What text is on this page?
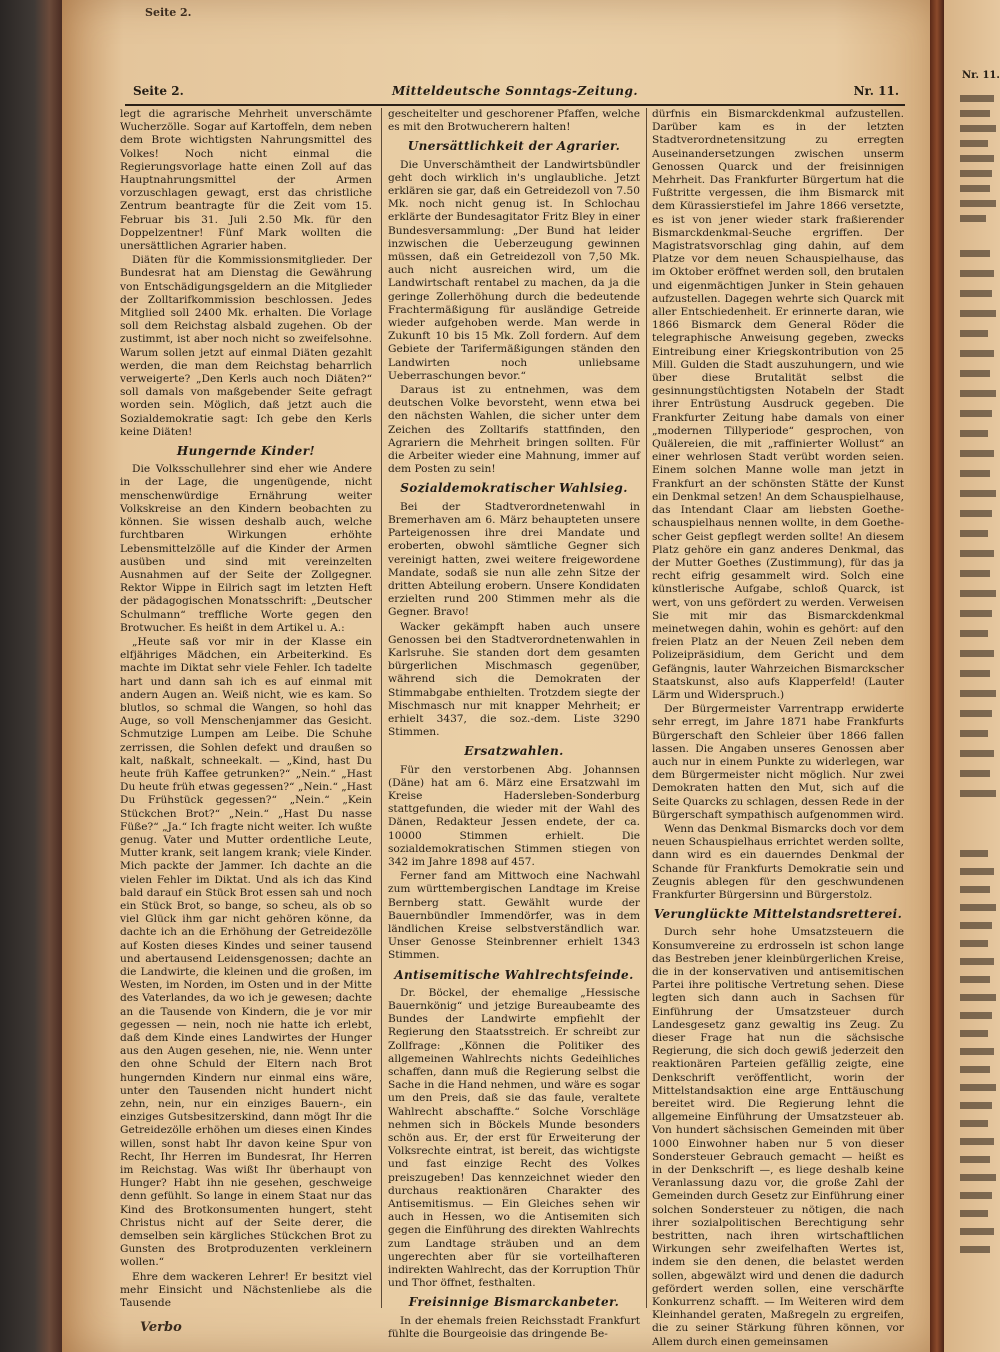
Nr. 11.
Seite 2.
Seite 2.	Mitteldeutsche Sonntags-Zeitung.	Nr. 11.

legt die agrarische Mehrheit unverschämte Wucherzölle. Sogar auf Kartoffeln, dem neben dem Brote wichtigsten Nahrungsmittel des Volkes! Noch nicht einmal die Regierungsvorlage hatte einen Zoll auf das Hauptnahrungsmittel der Armen vorzuschlagen gewagt, erst das christliche Zentrum beantragte für die Zeit vom 15. Februar bis 31. Juli 2.50 Mk. für den Doppelzentner! Fünf Mark wollten die unersättlichen Agrarier haben.

Diäten für die Kommissionsmitglieder. Der Bundesrat hat am Dienstag die Gewährung von Entschädigungsgeldern an die Mitglieder der Zolltarifkommission beschlossen. Jedes Mitglied soll 2400 Mk. erhalten. Die Vorlage soll dem Reichstag alsbald zugehen. Ob der zustimmt, ist aber noch nicht so zweifelsohne. Warum sollen jetzt auf einmal Diäten gezahlt werden, die man dem Reichstag beharrlich verweigerte? „Den Kerls auch noch Diäten?“ soll damals von maßgebender Seite gefragt worden sein. Möglich, daß jetzt auch die Sozialdemokratie sagt: Ich gebe den Kerls keine Diäten!

Hungernde Kinder!

Die Volksschullehrer sind eher wie Andere in der Lage, die ungenügende, nicht menschenwürdige Ernährung weiter Volkskreise an den Kindern beobachten zu können. Sie wissen deshalb auch, welche furchtbaren Wirkungen erhöhte Lebensmittelzölle auf die Kinder der Armen ausüben und sind mit vereinzelten Ausnahmen auf der Seite der Zollgegner. Rektor Wippe in Eilrich sagt im letzten Heft der pädagogischen Monatsschrift: „Deutscher Schulmann“ treffliche Worte gegen den Brotwucher. Es heißt in dem Artikel u. A.:

„Heute saß vor mir in der Klasse ein elfjähriges Mädchen, ein Arbeiterkind. Es machte im Diktat sehr viele Fehler. Ich tadelte hart und dann sah ich es auf einmal mit andern Augen an. Weiß nicht, wie es kam. So blutlos, so schmal die Wangen, so hohl das Auge, so voll Menschenjammer das Gesicht. Schmutzige Lumpen am Leibe. Die Schuhe zerrissen, die Sohlen defekt und draußen so kalt, naßkalt, schneekalt. — „Kind, hast Du heute früh Kaffee getrunken?“ „Nein.“ „Hast Du heute früh etwas gegessen?“ „Nein.“ „Hast Du Frühstück gegessen?“ „Nein.“ „Kein Stückchen Brot?“ „Nein.“ „Hast Du nasse Füße?“ „Ja.“ Ich fragte nicht weiter. Ich wußte genug. Vater und Mutter ordentliche Leute, Mutter krank, seit langem krank; viele Kinder. Mich packte der Jammer. Ich dachte an die vielen Fehler im Diktat. Und als ich das Kind bald darauf ein Stück Brot essen sah und noch ein Stück Brot, so bange, so scheu, als ob so viel Glück ihm gar nicht gehören könne, da dachte ich an die Erhöhung der Getreidezölle auf Kosten dieses Kindes und seiner tausend und abertausend Leidensgenossen; dachte an die Landwirte, die kleinen und die großen, im Westen, im Norden, im Osten und in der Mitte des Vaterlandes, da wo ich je gewesen; dachte an die Tausende von Kindern, die je vor mir gegessen — nein, noch nie hatte ich erlebt, daß dem Kinde eines Landwirtes der Hunger aus den Augen gesehen, nie, nie. Wenn unter den ohne Schuld der Eltern nach Brot hungernden Kindern nur einmal eins wäre, unter den Tausenden nicht hundert nicht zehn, nein, nur ein einziges Bauern-, ein einziges Gutsbesitzerskind, dann mögt Ihr die Getreidezölle erhöhen um dieses einen Kindes willen, sonst habt Ihr davon keine Spur von Recht, Ihr Herren im Bundesrat, Ihr Herren im Reichstag. Was wißt Ihr überhaupt von Hunger? Habt ihn nie gesehen, geschweige denn gefühlt. So lange in einem Staat nur das Kind des Brotkonsumenten hungert, steht Christus nicht auf der Seite derer, die demselben sein kärgliches Stückchen Brot zu Gunsten des Brotproduzenten verkleinern wollen.“

Ehre dem wackeren Lehrer! Er besitzt viel mehr Einsicht und Nächstenliebe als die Tausende

gescheitelter und geschorener Pfaffen, welche es mit den Brotwucherern halten!

Unersättlichkeit der Agrarier.

Die Unverschämtheit der Landwirtsbündler geht doch wirklich in's unglaubliche. Jetzt erklären sie gar, daß ein Getreidezoll von 7.50 Mk. noch nicht genug ist. In Schlochau erklärte der Bundesagitator Fritz Bley in einer Bundesversammlung: „Der Bund hat leider inzwischen die Ueberzeugung gewinnen müssen, daß ein Getreidezoll von 7,50 Mk. auch nicht ausreichen wird, um die Landwirtschaft rentabel zu machen, da ja die geringe Zollerhöhung durch die bedeutende Frachtermäßigung für ausländige Getreide wieder aufgehoben werde. Man werde in Zukunft 10 bis 15 Mk. Zoll fordern. Auf dem Gebiete der Tarifermäßigungen ständen den Landwirten noch unliebsame Ueberraschungen bevor.“

Daraus ist zu entnehmen, was dem deutschen Volke bevorsteht, wenn etwa bei den nächsten Wahlen, die sicher unter dem Zeichen des Zolltarifs stattfinden, den Agrariern die Mehrheit bringen sollten. Für die Arbeiter wieder eine Mahnung, immer auf dem Posten zu sein!

Sozialdemokratischer Wahlsieg.

Bei der Stadtverordnetenwahl in Bremerhaven am 6. März behaupteten unsere Parteigenossen ihre drei Mandate und eroberten, obwohl sämtliche Gegner sich vereinigt hatten, zwei weitere freigewordene Mandate, sodaß sie nun alle zehn Sitze der dritten Abteilung erobern. Unsere Kondidaten erzielten rund 200 Stimmen mehr als die Gegner. Bravo!

Wacker gekämpft haben auch unsere Genossen bei den Stadtverordnetenwahlen in Karlsruhe. Sie standen dort dem gesamten bürgerlichen Mischmasch gegenüber, während sich die Demokraten der Stimmabgabe enthielten. Trotzdem siegte der Mischmasch nur mit knapper Mehrheit; er erhielt 3437, die soz.-dem. Liste 3290 Stimmen.

Ersatzwahlen.

Für den verstorbenen Abg. Johannsen (Däne) hat am 6. März eine Ersatzwahl im Kreise Hadersleben-Sonderburg stattgefunden, die wieder mit der Wahl des Dänen, Redakteur Jessen endete, der ca. 10000 Stimmen erhielt. Die sozialdemokratischen Stimmen stiegen von 342 im Jahre 1898 auf 457.

Ferner fand am Mittwoch eine Nachwahl zum württembergischen Landtage im Kreise Bernberg statt. Gewählt wurde der Bauernbündler Immendörfer, was in dem ländlichen Kreise selbstverständlich war. Unser Genosse Steinbrenner erhielt 1343 Stimmen.

Antisemitische Wahlrechtsfeinde.

Dr. Böckel, der ehemalige „Hessische Bauernkönig“ und jetzige Bureaubeamte des Bundes der Landwirte empfiehlt der Regierung den Staatsstreich. Er schreibt zur Zollfrage: „Können die Politiker des allgemeinen Wahlrechts nichts Gedeihliches schaffen, dann muß die Regierung selbst die Sache in die Hand nehmen, und wäre es sogar um den Preis, daß sie das faule, veraltete Wahlrecht abschaffte.“ Solche Vorschläge nehmen sich in Böckels Munde besonders schön aus. Er, der erst für Erweiterung der Volksrechte eintrat, ist bereit, das wichtigste und fast einzige Recht des Volkes preiszugeben! Das kennzeichnet wieder den durchaus reaktionären Charakter des Antisemitismus. — Ein Gleiches sehen wir auch in Hessen, wo die Antisemiten sich gegen die Einführung des direkten Wahlrechts zum Landtage sträuben und an dem ungerechten aber für sie vorteilhafteren indirekten Wahlrecht, das der Korruption Thür und Thor öffnet, festhalten.

Freisinnige Bismarckanbeter.

In der ehemals freien Reichsstadt Frankfurt fühlte die Bourgeoisie das dringende Be-

dürfnis ein Bismarckdenkmal aufzustellen. Darüber kam es in der letzten Stadtverordnetensitzung zu erregten Auseinandersetzungen zwischen unserm Genossen Quarck und der freisinnigen Mehrheit. Das Frankfurter Bürgertum hat die Fußtritte vergessen, die ihm Bismarck mit dem Kürassierstiefel im Jahre 1866 versetzte, es ist von jener wieder stark fraßierender Bismarckdenkmal-Seuche ergriffen. Der Magistratsvorschlag ging dahin, auf dem Platze vor dem neuen Schauspielhause, das im Oktober eröffnet werden soll, den brutalen und eigenmächtigen Junker in Stein gehauen aufzustellen. Dagegen wehrte sich Quarck mit aller Entschiedenheit. Er erinnerte daran, wie 1866 Bismarck dem General Röder die telegraphische Anweisung gegeben, zwecks Eintreibung einer Kriegskontribution von 25 Mill. Gulden die Stadt auszuhungern, und wie über diese Brutalität selbst die gesinnungstüchtigsten Notabeln der Stadt ihrer Entrüstung Ausdruck gegeben. Die Frankfurter Zeitung habe damals von einer „modernen Tillyperiode“ gesprochen, von Quälereien, die mit „raffinierter Wollust“ an einer wehrlosen Stadt verübt worden seien. Einem solchen Manne wolle man jetzt in Frankfurt an der schönsten Stätte der Kunst ein Denkmal setzen! An dem Schauspielhause, das Intendant Claar am liebsten Goetheschauspielhaus nennen wollte, in dem Goethescher Geist gepflegt werden sollte! An diesem Platz gehöre ein ganz anderes Denkmal, das der Mutter Goethes (Zustimmung), für das ja recht eifrig gesammelt wird. Solch eine künstlerische Aufgabe, schloß Quarck, ist wert, von uns gefördert zu werden. Verweisen Sie mit mir das Bismarckdenkmal meinetwegen dahin, wohin es gehört: auf den freien Platz an der Neuen Zeil neben dem Polizeipräsidium, dem Gericht und dem Gefängnis, lauter Wahrzeichen Bismarckscher Staatskunst, also aufs Klapperfeld! (Lauter Lärm und Widerspruch.)

Der Bürgermeister Varrentrapp erwiderte sehr erregt, im Jahre 1871 habe Frankfurts Bürgerschaft den Schleier über 1866 fallen lassen. Die Angaben unseres Genossen aber auch nur in einem Punkte zu widerlegen, war dem Bürgermeister nicht möglich. Nur zwei Demokraten hatten den Mut, sich auf die Seite Quarcks zu schlagen, dessen Rede in der Bürgerschaft sympathisch aufgenommen wird.

Wenn das Denkmal Bismarcks doch vor dem neuen Schauspielhaus errichtet werden sollte, dann wird es ein dauerndes Denkmal der Schande für Frankfurts Demokratie sein und Zeugnis ablegen für den geschwundenen Frankfurter Bürgersinn und Bürgerstolz.

Verunglückte Mittelstandsretterei.

Durch sehr hohe Umsatzsteuern die Konsumvereine zu erdrosseln ist schon lange das Bestreben jener kleinbürgerlichen Kreise, die in der konservativen und antisemitischen Partei ihre politische Vertretung sehen. Diese legten sich dann auch in Sachsen für Einführung der Umsatzsteuer durch Landesgesetz ganz gewaltig ins Zeug. Zu dieser Frage hat nun die sächsische Regierung, die sich doch gewiß jederzeit den reaktionären Parteien gefällig zeigte, eine Denkschrift veröffentlicht, worin der Mittelstandsaktion eine arge Enttäuschung bereitet wird. Die Regierung lehnt die allgemeine Einführung der Umsatzsteuer ab. Von hundert sächsischen Gemeinden mit über 1000 Einwohner haben nur 5 von dieser Sondersteuer Gebrauch gemacht — heißt es in der Denkschrift —, es liege deshalb keine Veranlassung dazu vor, die große Zahl der Gemeinden durch Gesetz zur Einführung einer solchen Sondersteuer zu nötigen, die nach ihrer sozialpolitischen Berechtigung sehr bestritten, nach ihren wirtschaftlichen Wirkungen sehr zweifelhaften Wertes ist, indem sie den denen, die belastet werden sollen, abgewälzt wird und denen die dadurch gefördert werden sollen, eine verschärfte Konkurrenz schafft. — Im Weiteren wird dem Kleinhandel geraten, Maßregeln zu ergreifen, die zu seiner Stärkung führen können, vor Allem durch einen gemeinsamen

Verbo
